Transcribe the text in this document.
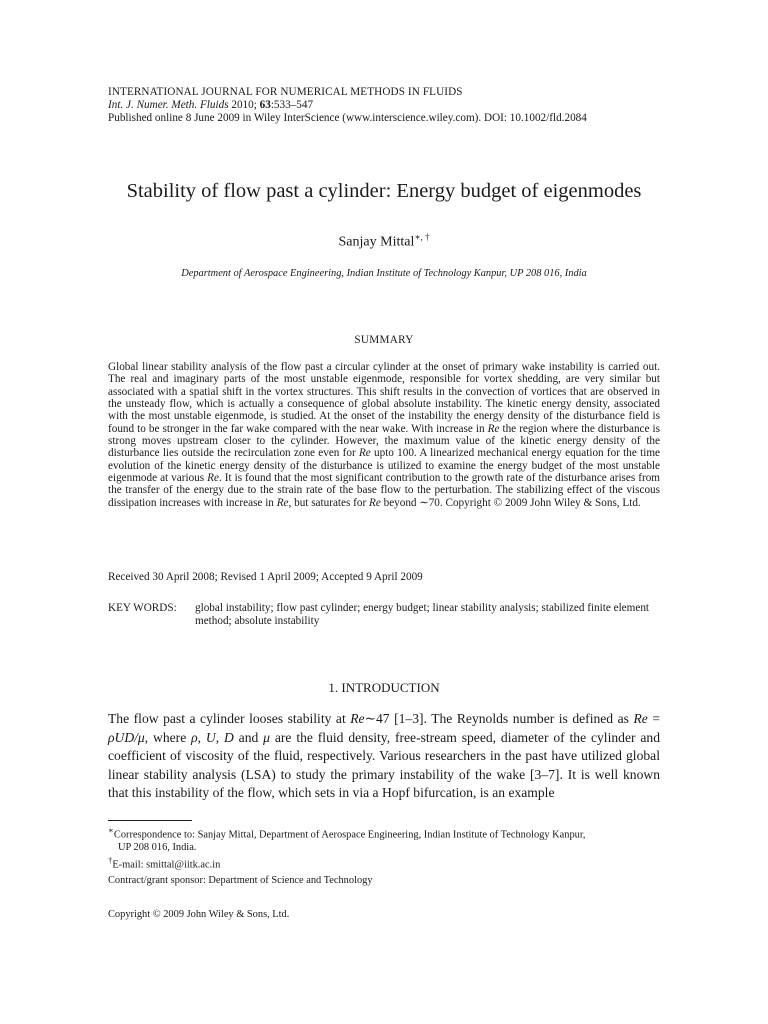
INTERNATIONAL JOURNAL FOR NUMERICAL METHODS IN FLUIDS
Int. J. Numer. Meth. Fluids 2010; 63:533–547
Published online 8 June 2009 in Wiley InterScience (www.interscience.wiley.com). DOI: 10.1002/fld.2084
Stability of flow past a cylinder: Energy budget of eigenmodes
Sanjay Mittal∗, †
Department of Aerospace Engineering, Indian Institute of Technology Kanpur, UP 208 016, India
SUMMARY
Global linear stability analysis of the flow past a circular cylinder at the onset of primary wake instability is carried out. The real and imaginary parts of the most unstable eigenmode, responsible for vortex shedding, are very similar but associated with a spatial shift in the vortex structures. This shift results in the convection of vortices that are observed in the unsteady flow, which is actually a consequence of global absolute instability. The kinetic energy density, associated with the most unstable eigenmode, is studied. At the onset of the instability the energy density of the disturbance field is found to be stronger in the far wake compared with the near wake. With increase in Re the region where the disturbance is strong moves upstream closer to the cylinder. However, the maximum value of the kinetic energy density of the disturbance lies outside the recirculation zone even for Re upto 100. A linearized mechanical energy equation for the time evolution of the kinetic energy density of the disturbance is utilized to examine the energy budget of the most unstable eigenmode at various Re. It is found that the most significant contribution to the growth rate of the disturbance arises from the transfer of the energy due to the strain rate of the base flow to the perturbation. The stabilizing effect of the viscous dissipation increases with increase in Re, but saturates for Re beyond ∼70. Copyright © 2009 John Wiley & Sons, Ltd.
Received 30 April 2008; Revised 1 April 2009; Accepted 9 April 2009
KEY WORDS:	global instability; flow past cylinder; energy budget; linear stability analysis; stabilized finite element method; absolute instability
1. INTRODUCTION
The flow past a cylinder looses stability at Re∼47 [1–3]. The Reynolds number is defined as Re = ρUD/μ, where ρ, U, D and μ are the fluid density, free-stream speed, diameter of the cylinder and coefficient of viscosity of the fluid, respectively. Various researchers in the past have utilized global linear stability analysis (LSA) to study the primary instability of the wake [3–7]. It is well known that this instability of the flow, which sets in via a Hopf bifurcation, is an example
∗Correspondence to: Sanjay Mittal, Department of Aerospace Engineering, Indian Institute of Technology Kanpur,
UP 208 016, India.
†E-mail: smittal@iitk.ac.in
Contract/grant sponsor: Department of Science and Technology
Copyright © 2009 John Wiley & Sons, Ltd.
